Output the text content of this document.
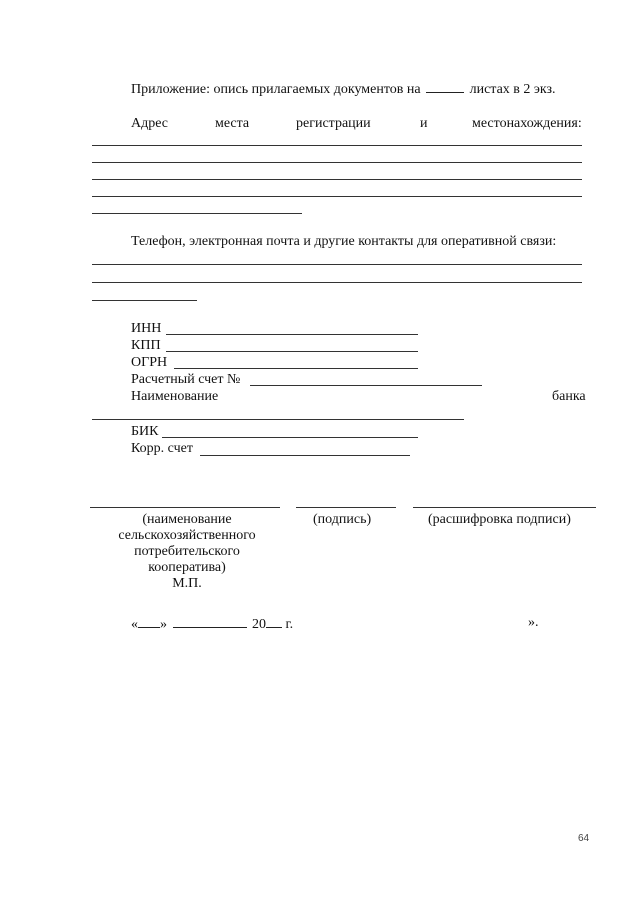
Приложение: опись прилагаемых документов на	листах в 2 экз.
Адрес	места	регистрации	и	местонахождения:
Телефон, электронная почта и другие контакты для оперативной связи:
ИНН
КПП
ОГРН
Расчетный счет №
Наименование	банка
БИК
Корр. счет
(наименование
сельскохозяйственного
потребительского
кооператива)
М.П.
(подпись)	(расшифровка подписи)
« »	20 г.	».
64
